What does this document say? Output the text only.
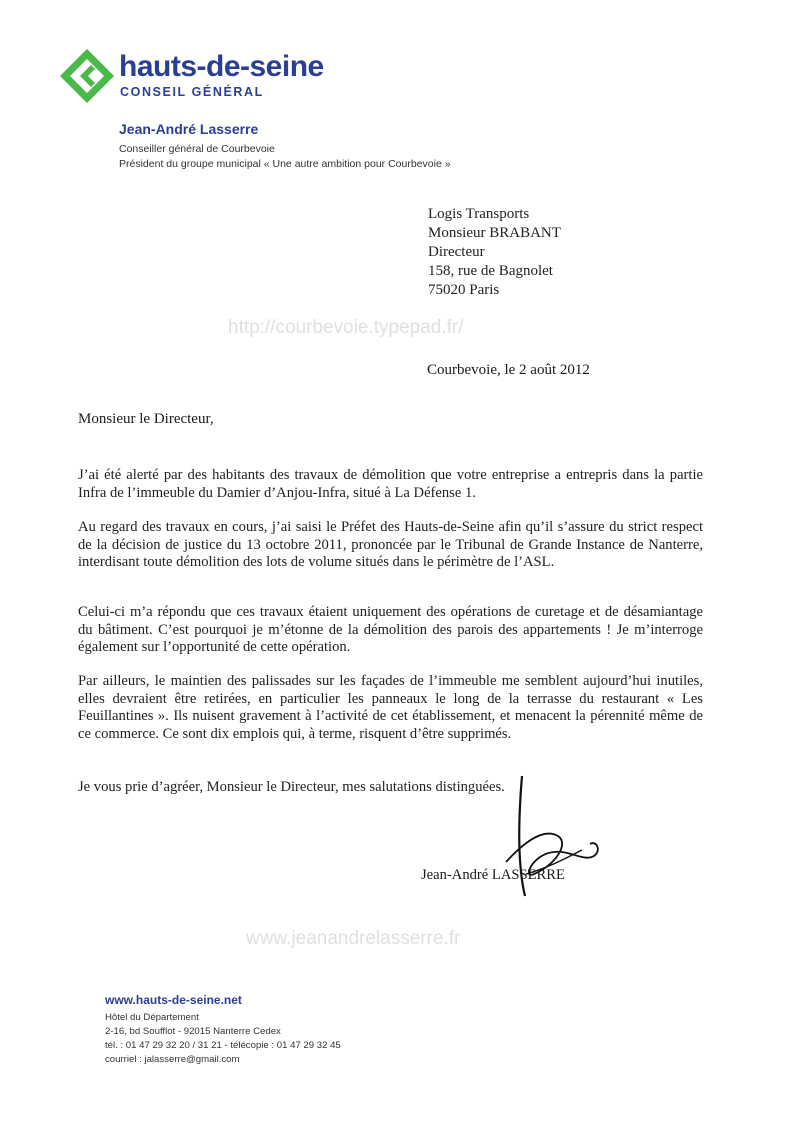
hauts-de-seine
CONSEIL GÉNÉRAL
Jean-André Lasserre
Conseiller général de Courbevoie
Président du groupe municipal « Une autre ambition pour Courbevoie »
Logis Transports
Monsieur BRABANT
Directeur
158, rue de Bagnolet
75020 Paris
http://courbevoie.typepad.fr/
www.jeanandrelasserre.fr
Courbevoie, le 2 août 2012
Monsieur le Directeur,
J’ai été alerté par des habitants des travaux de démolition que votre entreprise a entrepris dans la partie Infra de l’immeuble du Damier d’Anjou-Infra, situé à La Défense 1.
Au regard des travaux en cours, j’ai saisi le Préfet des Hauts-de-Seine afin qu’il s’assure du strict respect de la décision de justice du 13 octobre 2011, prononcée par le Tribunal de Grande Instance de Nanterre, interdisant toute démolition des lots de volume situés dans le périmètre de l’ASL.
Celui-ci m’a répondu que ces travaux étaient uniquement des opérations de curetage et de désamiantage du bâtiment. C’est pourquoi je m’étonne de la démolition des parois des appartements ! Je m’interroge également sur l’opportunité de cette opération.
Par ailleurs, le maintien des palissades sur les façades de l’immeuble me semblent aujourd’hui inutiles, elles devraient être retirées, en particulier les panneaux le long de la terrasse du restaurant « Les Feuillantines ». Ils nuisent gravement à l’activité de cet établissement, et menacent la pérennité même de ce commerce. Ce sont dix emplois qui, à terme, risquent d’être supprimés.
Je vous prie d’agréer, Monsieur le Directeur, mes salutations distinguées.
Jean-André LASSERRE
www.hauts-de-seine.net
Hôtel du Département
2-16, bd Soufflot - 92015 Nanterre Cedex
tél. : 01 47 29 32 20 / 31 21 - télécopie : 01 47 29 32 45
courriel : jalasserre@gmail.com
